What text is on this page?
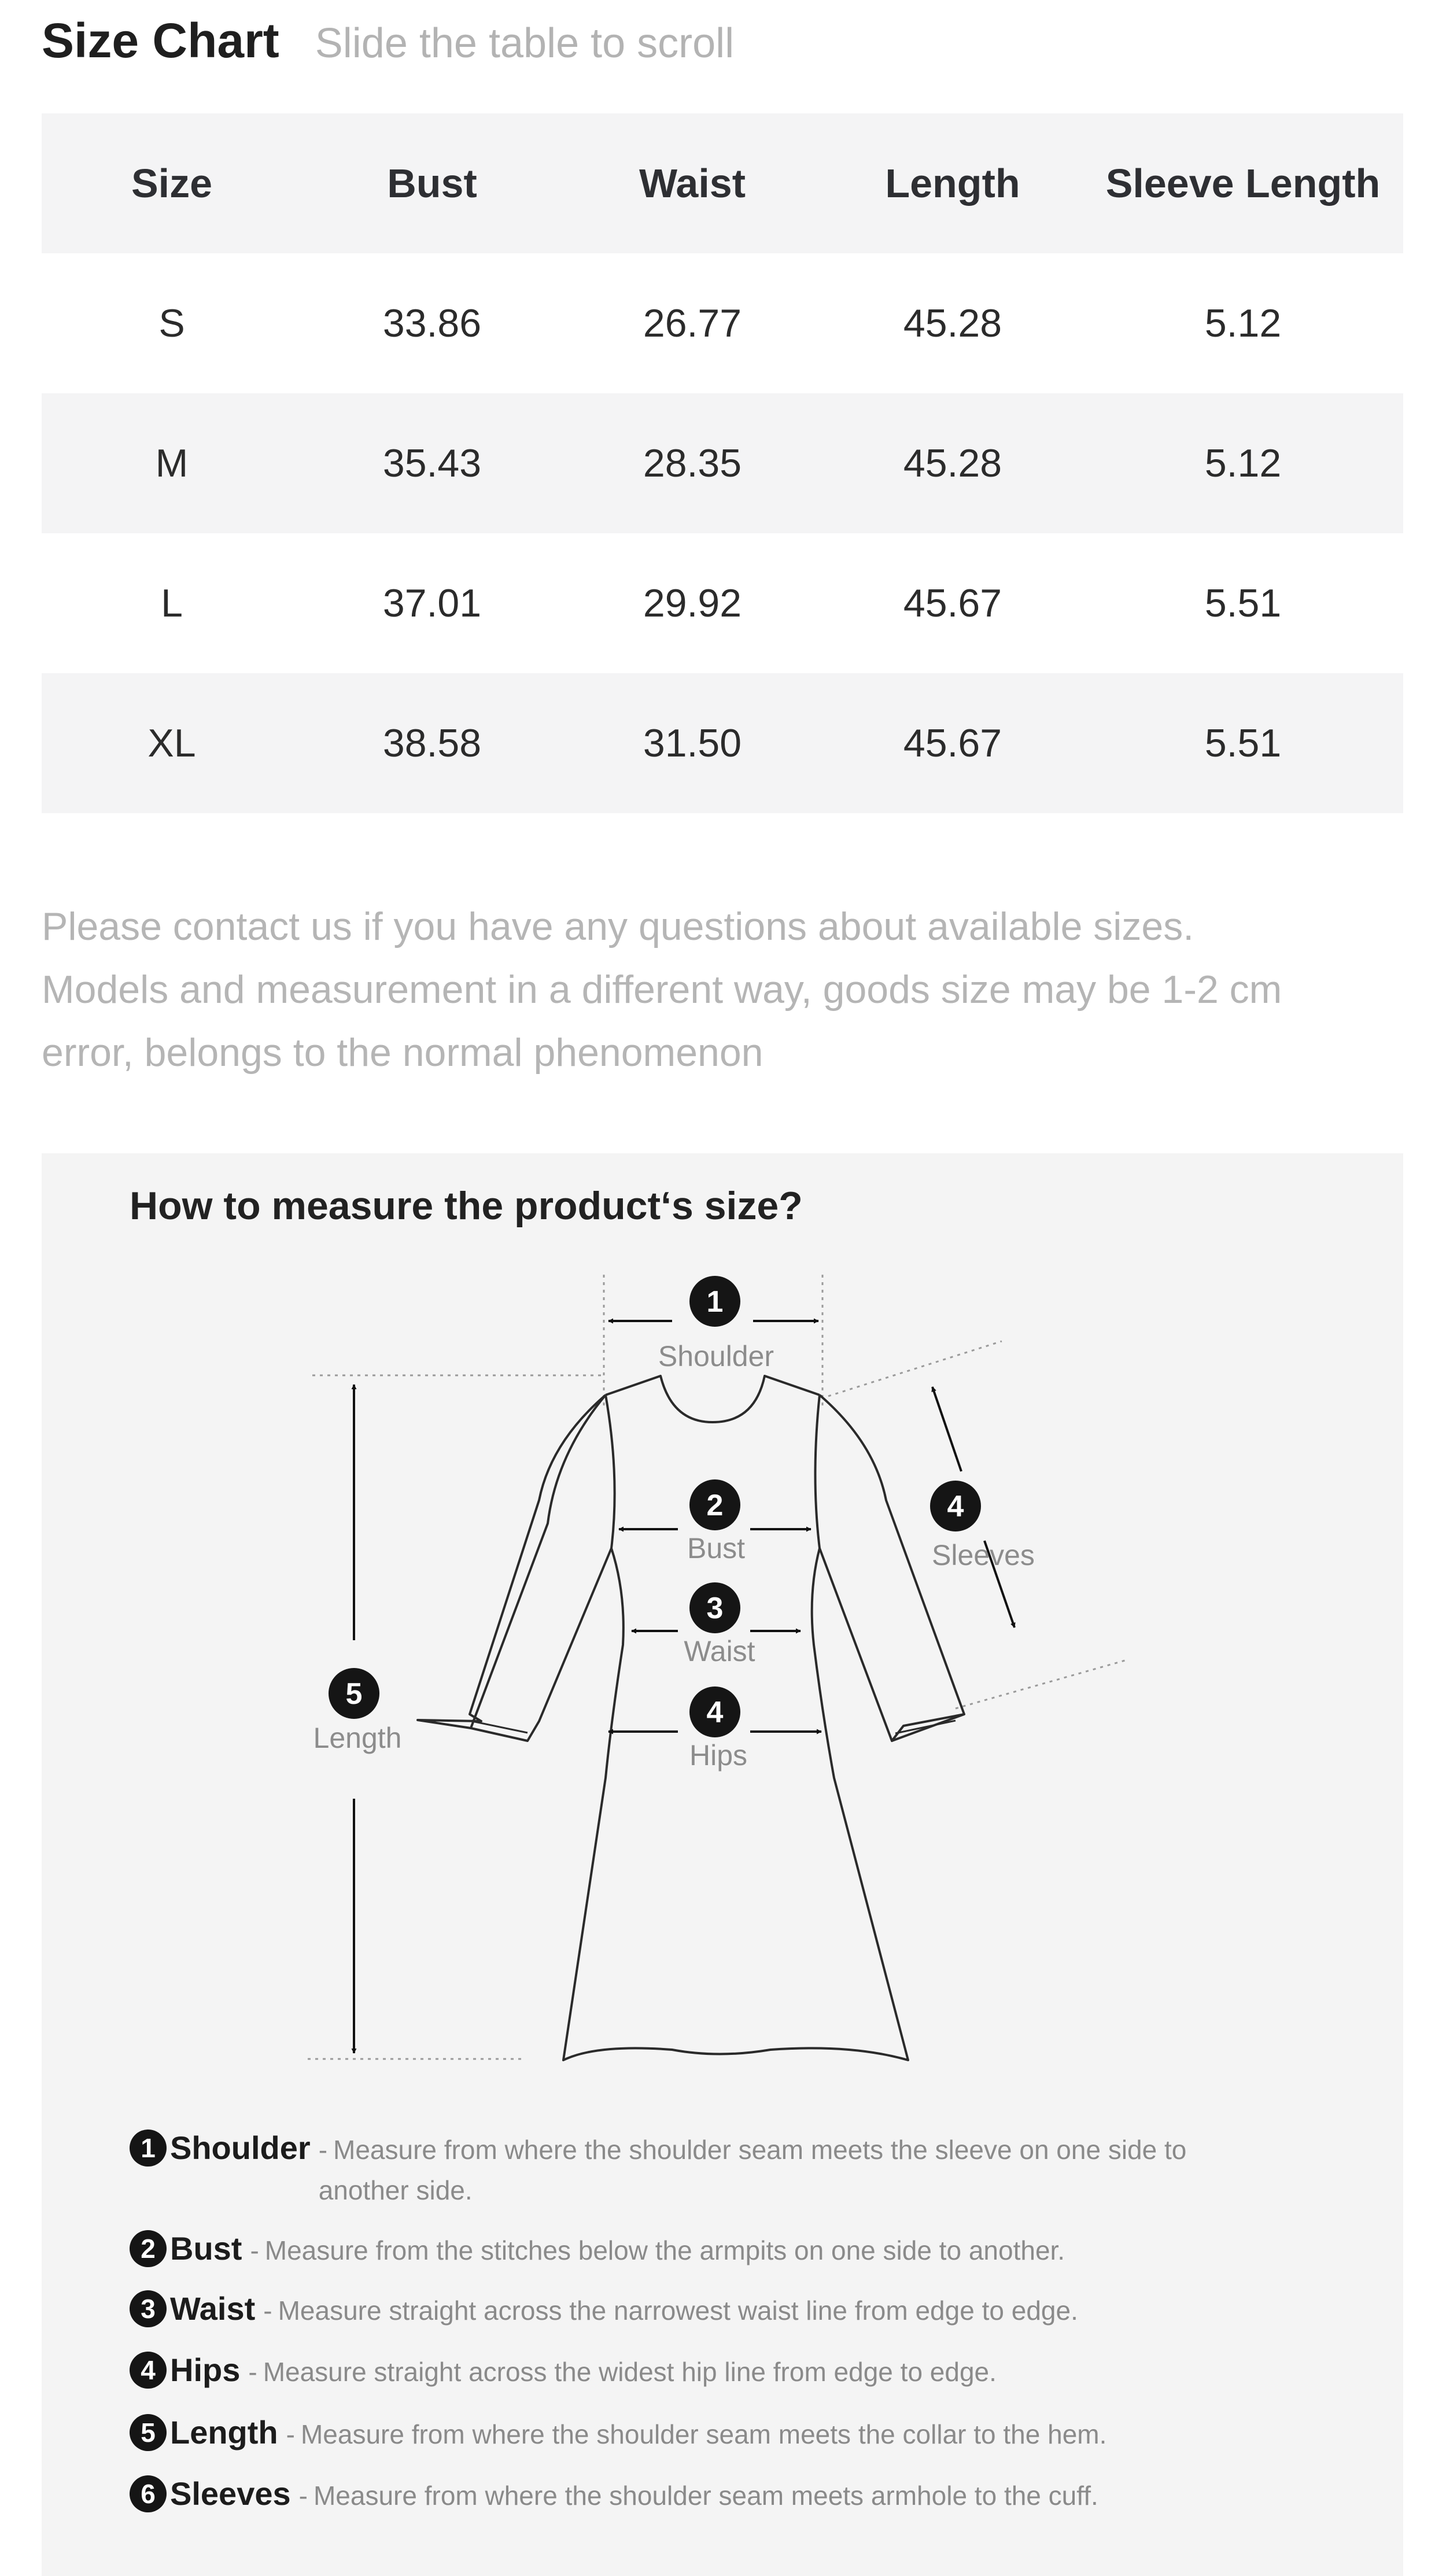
Size Chart Slide the table to scroll
Size	Bust	Waist	Length	Sleeve Length
S	33.86	26.77	45.28	5.12
M	35.43	28.35	45.28	5.12
L	37.01	29.92	45.67	5.51
XL	38.58	31.50	45.67	5.51

Please contact us if you have any questions about available sizes.

Models and measurement in a different way, goods size may be 1-2 cm

error, belongs to the normal phenomenon

1
2
3
4
5
4
Shoulder
Bust
Waist
Hips
Length
Sleeves
How to measure the product‘s size?
1 Shoulder - Measure from where the shoulder seam meets the sleeve on one side to
another side.
2 Bust - Measure from the stitches below the armpits on one side to another.
3 Waist - Measure straight across the narrowest waist line from edge to edge.
4 Hips - Measure straight across the widest hip line from edge to edge.
5 Length - Measure from where the shoulder seam meets the collar to the hem.
6 Sleeves - Measure from where the shoulder seam meets armhole to the cuff.
